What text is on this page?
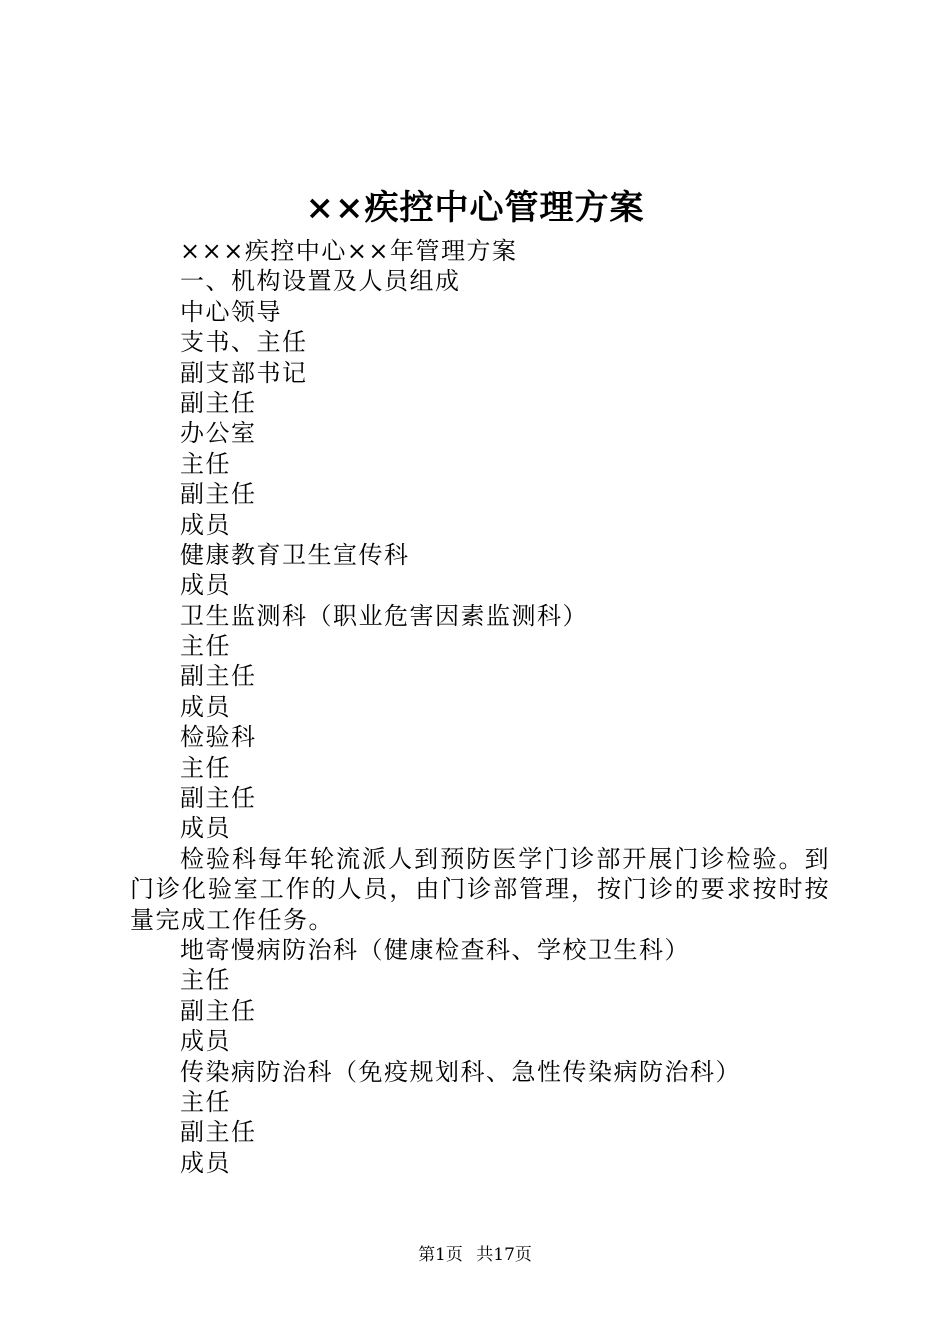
××疾控中心管理方案
×××疾控中心××年管理方案
一、机构设置及人员组成
中心领导
支书、主任
副支部书记
副主任
办公室
主任
副主任
成员
健康教育卫生宣传科
成员
卫生监测科（职业危害因素监测科）
主任
副主任
成员
检验科
主任
副主任
成员
检验科每年轮流派人到预防医学门诊部开展门诊检验。到门诊化验室工作的人员，由门诊部管理，按门诊的要求按时按量完成工作任务。
地寄慢病防治科（健康检查科、学校卫生科）
主任
副主任
成员
传染病防治科（免疫规划科、急性传染病防治科）
主任
副主任
成员
第1页 共17页
